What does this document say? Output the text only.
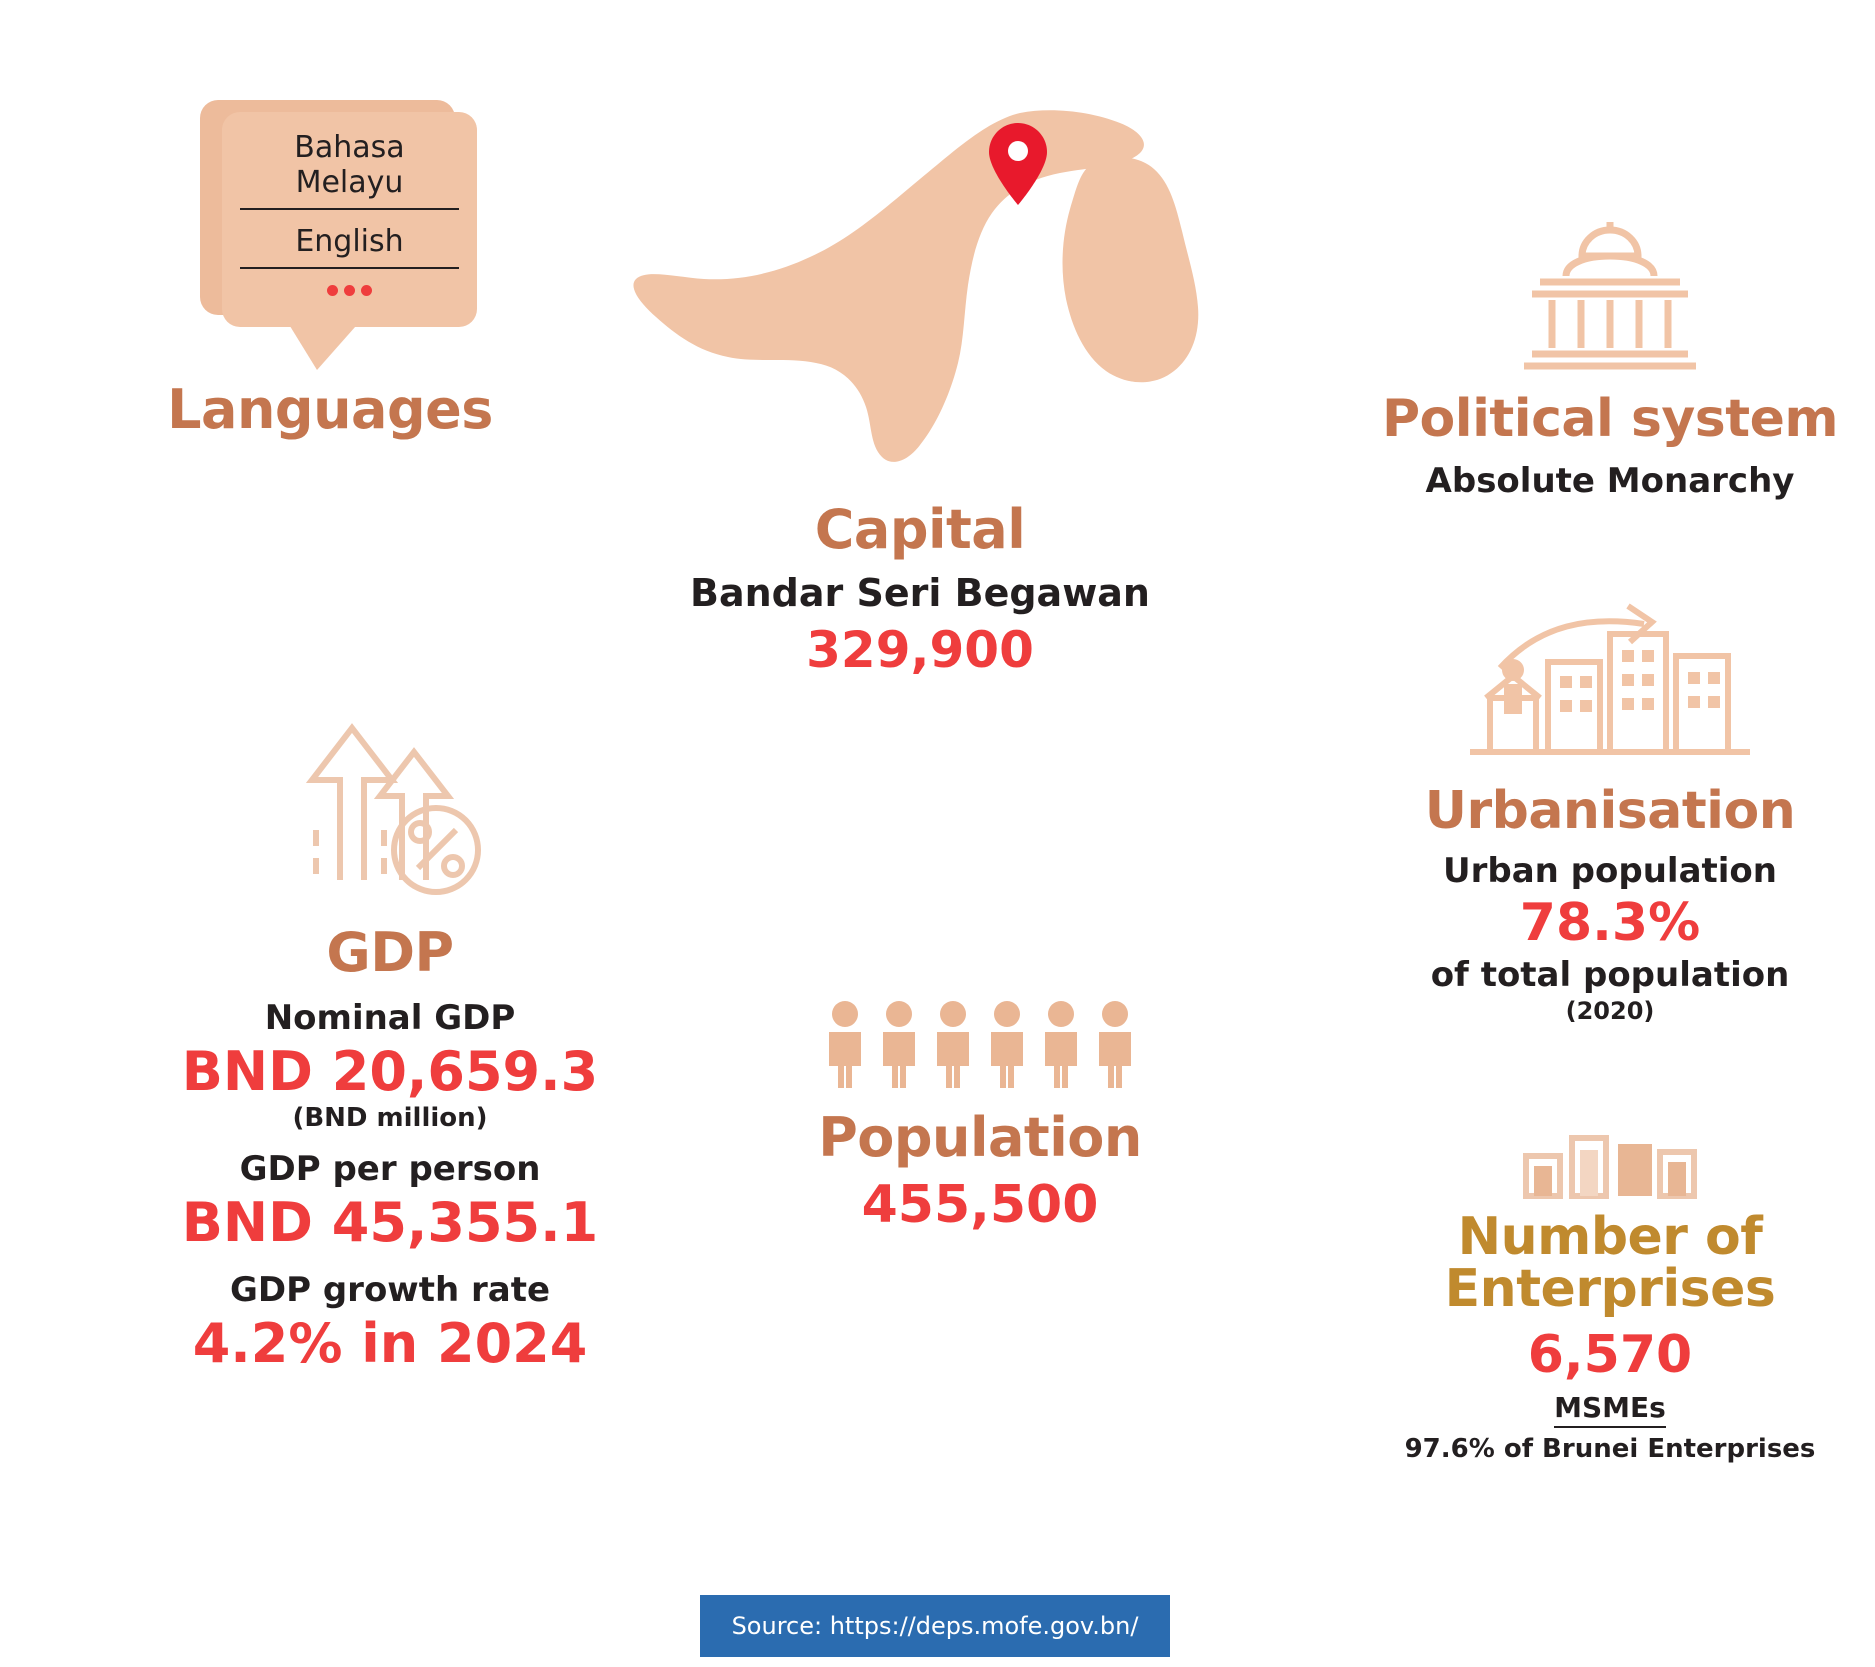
Bahasa Melayu
English
Languages
Capital
Bandar Seri Begawan
329,900
Political system
Absolute Monarchy
Urbanisation
Urban population
78.3%
of total population
(2020)
GDP
Nominal GDP
BND 20,659.3
(BND million)
GDP per person
BND 45,355.1
GDP growth rate
4.2% in 2024
Population
455,500
Number of
Enterprises
6,570
MSMEs
97.6% of Brunei Enterprises
Source: https://deps.mofe.gov.bn/
